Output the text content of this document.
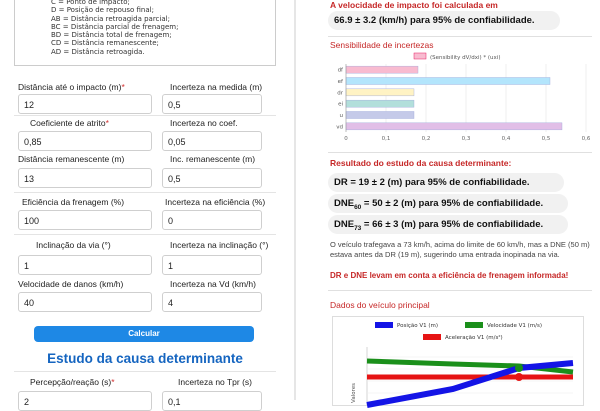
C = Ponto de impacto;
D = Posição de repouso final;
AB = Distância retroagida parcial;
BC = Distância parcial de frenagem;
BD = Distância total de frenagem;
CD = Distância remanescente;
AD = Distância retroagida.
Distância até o impacto (m)*	Incerteza na medida (m)
12	0,5
Coeficiente de atrito*	Incerteza no coef.
0,85	0,05
Distância remanescente (m)	Inc. remanescente (m)
13	0,5
Eficiência da frenagem (%)	Incerteza na eficiência (%)
100	0
Inclinação da via (°)	Incerteza na inclinação (°)
1	1
Velocidade de danos (km/h)	Incerteza na Vd (km/h)
40	4
Calcular
Estudo da causa determinante
Percepção/reação (s)*	Incerteza no Tpr (s)
2	0,1
A velocidade de impacto foi calculada em
66.9 ± 3.2 (km/h) para 95% de confiabilidade.
Sensibilidade de incertezas
(Sensibility dV/dxi) * (uxi)
0	0,1	0,2	0,3	0,4	0,5	0,6
df
ef
dr
ei
u
vd
Resultado do estudo da causa determinante:
DR = 19 ± 2 (m) para 95% de confiabilidade.
$DNE_{60} = 50 \pm 2$ (m) para 95% de confiabilidade.
$DNE_{73} = 66 \pm 3$ (m) para 95% de confiabilidade.
O veículo trafegava a 73 km/h, acima do limite de 60 km/h, mas a DNE (50 m) estava antes da DR (19 m), sugerindo uma entrada inopinada na via.
DR e DNE levam em conta a eficiência de frenagem informada!
Dados do veículo principal
Posição V1 (m)	Velocidade V1 (m/s)
Aceleração V1 (m/s²)
Valores
